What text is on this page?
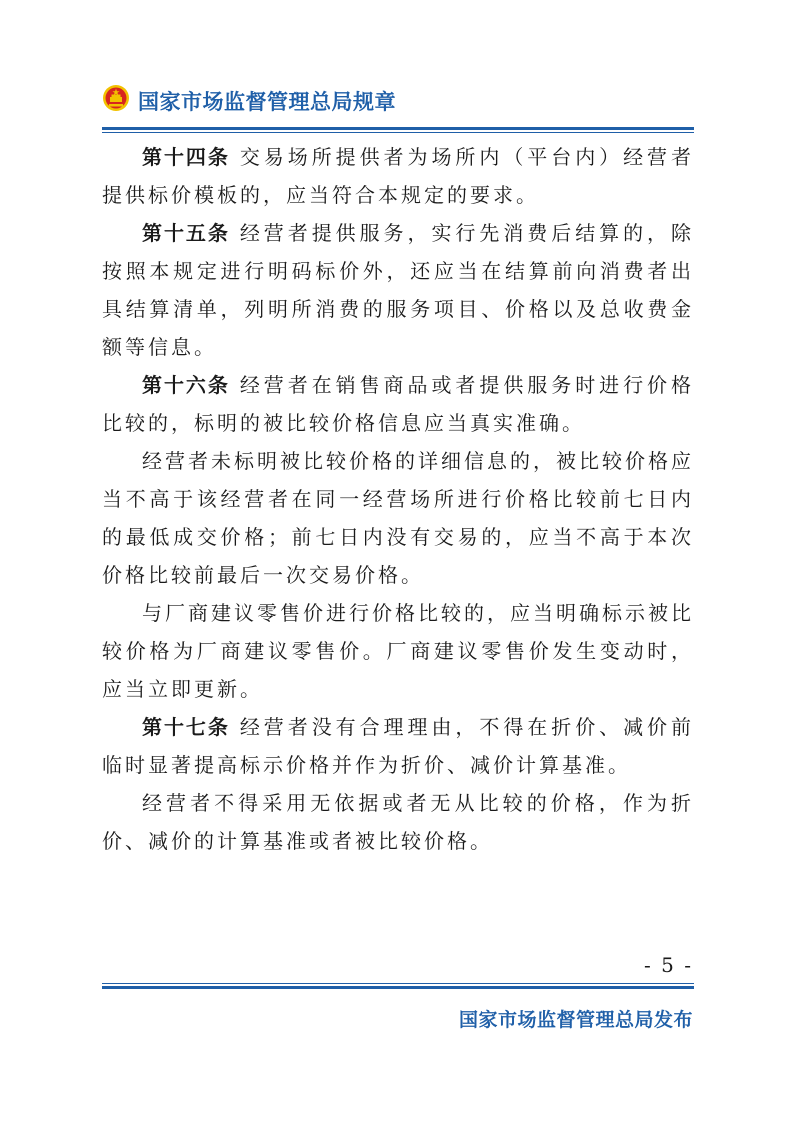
国家市场监督管理总局规章

第十四条 交易场所提供者为场所内（平台内）经营者提供标价模板的，应当符合本规定的要求。

第十五条 经营者提供服务，实行先消费后结算的，除按照本规定进行明码标价外，还应当在结算前向消费者出具结算清单，列明所消费的服务项目、价格以及总收费金额等信息。

第十六条 经营者在销售商品或者提供服务时进行价格比较的，标明的被比较价格信息应当真实准确。

经营者未标明被比较价格的详细信息的，被比较价格应当不高于该经营者在同一经营场所进行价格比较前七日内的最低成交价格；前七日内没有交易的，应当不高于本次价格比较前最后一次交易价格。

与厂商建议零售价进行价格比较的，应当明确标示被比较价格为厂商建议零售价。厂商建议零售价发生变动时，应当立即更新。

第十七条 经营者没有合理理由，不得在折价、减价前临时显著提高标示价格并作为折价、减价计算基准。

经营者不得采用无依据或者无从比较的价格，作为折价、减价的计算基准或者被比较价格。

- 5 -
国家市场监督管理总局发布
